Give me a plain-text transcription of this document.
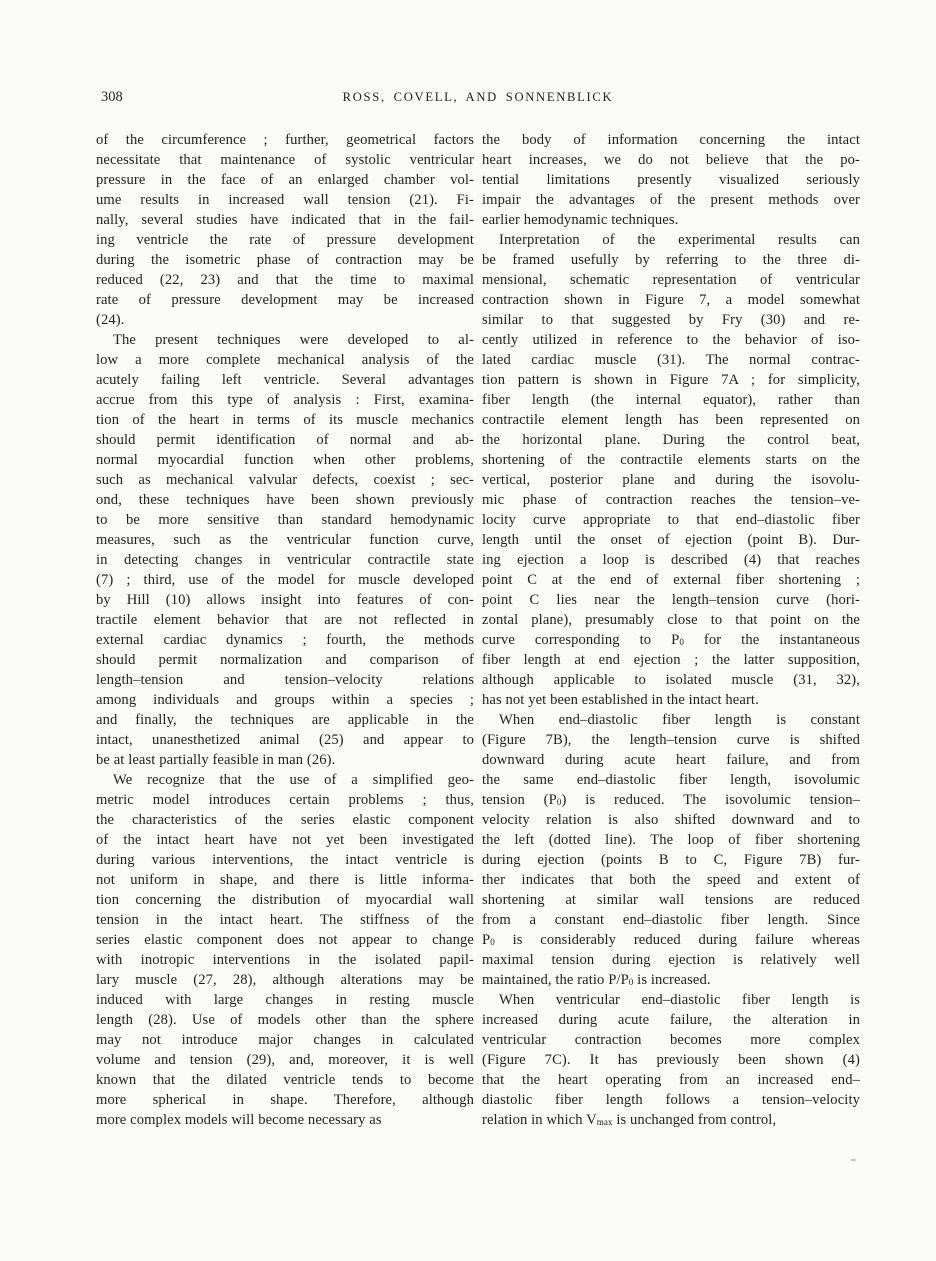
308	ROSS, COVELL, AND SONNENBLICK
of the circumference ; further, geometrical factors
necessitate that maintenance of systolic ventricular
pressure in the face of an enlarged chamber vol-
ume results in increased wall tension (21). Fi-
nally, several studies have indicated that in the fail-
ing ventricle the rate of pressure development
during the isometric phase of contraction may be
reduced (22, 23) and that the time to maximal
rate of pressure development may be increased
(24).
The present techniques were developed to al-
low a more complete mechanical analysis of the
acutely failing left ventricle. Several advantages
accrue from this type of analysis : First, examina-
tion of the heart in terms of its muscle mechanics
should permit identification of normal and ab-
normal myocardial function when other problems,
such as mechanical valvular defects, coexist ; sec-
ond, these techniques have been shown previously
to be more sensitive than standard hemodynamic
measures, such as the ventricular function curve,
in detecting changes in ventricular contractile state
(7) ; third, use of the model for muscle developed
by Hill (10) allows insight into features of con-
tractile element behavior that are not reflected in
external cardiac dynamics ; fourth, the methods
should permit normalization and comparison of
length–tension and tension–velocity relations
among individuals and groups within a species ;
and finally, the techniques are applicable in the
intact, unanesthetized animal (25) and appear to
be at least partially feasible in man (26).
We recognize that the use of a simplified geo-
metric model introduces certain problems ; thus,
the characteristics of the series elastic component
of the intact heart have not yet been investigated
during various interventions, the intact ventricle is
not uniform in shape, and there is little informa-
tion concerning the distribution of myocardial wall
tension in the intact heart. The stiffness of the
series elastic component does not appear to change
with inotropic interventions in the isolated papil-
lary muscle (27, 28), although alterations may be
induced with large changes in resting muscle
length (28). Use of models other than the sphere
may not introduce major changes in calculated
volume and tension (29), and, moreover, it is well
known that the dilated ventricle tends to become
more spherical in shape. Therefore, although
more complex models will become necessary as
the body of information concerning the intact
heart increases, we do not believe that the po-
tential limitations presently visualized seriously
impair the advantages of the present methods over
earlier hemodynamic techniques.
Interpretation of the experimental results can
be framed usefully by referring to the three di-
mensional, schematic representation of ventricular
contraction shown in Figure 7, a model somewhat
similar to that suggested by Fry (30) and re-
cently utilized in reference to the behavior of iso-
lated cardiac muscle (31). The normal contrac-
tion pattern is shown in Figure 7A ; for simplicity,
fiber length (the internal equator), rather than
contractile element length has been represented on
the horizontal plane. During the control beat,
shortening of the contractile elements starts on the
vertical, posterior plane and during the isovolu-
mic phase of contraction reaches the tension–ve-
locity curve appropriate to that end–diastolic fiber
length until the onset of ejection (point B). Dur-
ing ejection a loop is described (4) that reaches
point C at the end of external fiber shortening ;
point C lies near the length–tension curve (hori-
zontal plane), presumably close to that point on the
curve corresponding to $P_0$ for the instantaneous
fiber length at end ejection ; the latter supposition,
although applicable to isolated muscle (31, 32),
has not yet been established in the intact heart.
When end–diastolic fiber length is constant
(Figure 7B), the length–tension curve is shifted
downward during acute heart failure, and from
the same end–diastolic fiber length, isovolumic
tension $(P_0)$ is reduced. The isovolumic tension–
velocity relation is also shifted downward and to
the left (dotted line). The loop of fiber shortening
during ejection (points B to C, Figure 7B) fur-
ther indicates that both the speed and extent of
shortening at similar wall tensions are reduced
from a constant end–diastolic fiber length. Since
$P_0$ is considerably reduced during failure whereas
maximal tension during ejection is relatively well
maintained, the ratio $P/P_0$ is increased.
When ventricular end–diastolic fiber length is
increased during acute failure, the alteration in
ventricular contraction becomes more complex
(Figure 7C). It has previously been shown (4)
that the heart operating from an increased end–
diastolic fiber length follows a tension–velocity
relation in which $V_{max}$ is unchanged from control,
